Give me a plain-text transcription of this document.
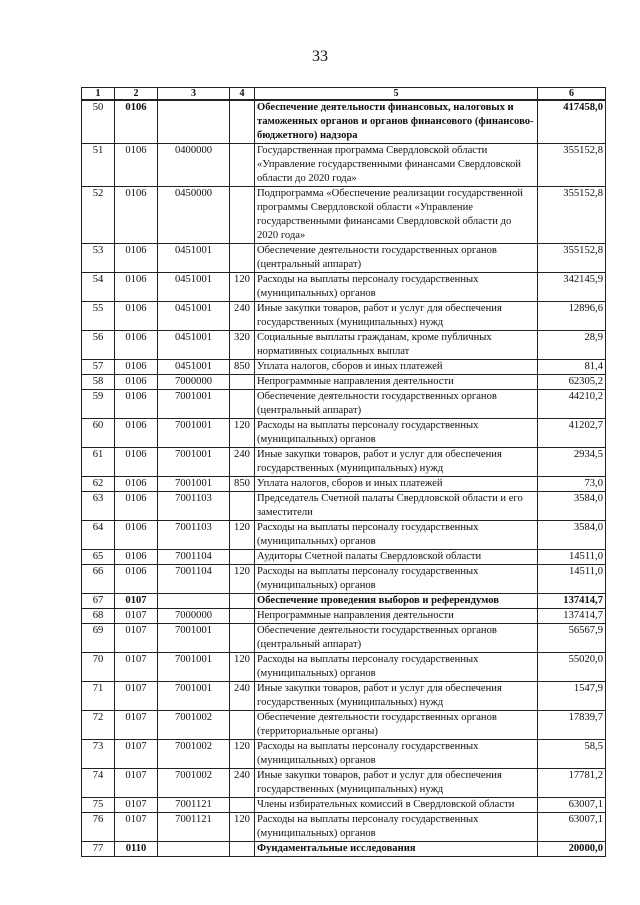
33
1	2	3	4	5	6
50	0106			Обеспечение деятельности финансовых, налоговых и таможенных органов и органов финансового (финансово-бюджетного) надзора	417458,0
51	0106	0400000		Государственная программа Свердловской области «Управление государственными финансами Свердловской области до 2020 года»	355152,8
52	0106	0450000		Подпрограмма «Обеспечение реализации государственной программы Свердловской области «Управление государственными финансами Свердловской области до 2020 года»	355152,8
53	0106	0451001		Обеспечение деятельности государственных органов (центральный аппарат)	355152,8
54	0106	0451001	120	Расходы на выплаты персоналу государственных (муниципальных) органов	342145,9
55	0106	0451001	240	Иные закупки товаров, работ и услуг для обеспечения государственных (муниципальных) нужд	12896,6
56	0106	0451001	320	Социальные выплаты гражданам, кроме публичных нормативных социальных выплат	28,9
57	0106	0451001	850	Уплата налогов, сборов и иных платежей	81,4
58	0106	7000000		Непрограммные направления деятельности	62305,2
59	0106	7001001		Обеспечение деятельности государственных органов (центральный аппарат)	44210,2
60	0106	7001001	120	Расходы на выплаты персоналу государственных (муниципальных) органов	41202,7
61	0106	7001001	240	Иные закупки товаров, работ и услуг для обеспечения государственных (муниципальных) нужд	2934,5
62	0106	7001001	850	Уплата налогов, сборов и иных платежей	73,0
63	0106	7001103		Председатель Счетной палаты Свердловской области и его заместители	3584,0
64	0106	7001103	120	Расходы на выплаты персоналу государственных (муниципальных) органов	3584,0
65	0106	7001104		Аудиторы Счетной палаты Свердловской области	14511,0
66	0106	7001104	120	Расходы на выплаты персоналу государственных (муниципальных) органов	14511,0
67	0107			Обеспечение проведения выборов и референдумов	137414,7
68	0107	7000000		Непрограммные направления деятельности	137414,7
69	0107	7001001		Обеспечение деятельности государственных органов (центральный аппарат)	56567,9
70	0107	7001001	120	Расходы на выплаты персоналу государственных (муниципальных) органов	55020,0
71	0107	7001001	240	Иные закупки товаров, работ и услуг для обеспечения государственных (муниципальных) нужд	1547,9
72	0107	7001002		Обеспечение деятельности государственных органов (территориальные органы)	17839,7
73	0107	7001002	120	Расходы на выплаты персоналу государственных (муниципальных) органов	58,5
74	0107	7001002	240	Иные закупки товаров, работ и услуг для обеспечения государственных (муниципальных) нужд	17781,2
75	0107	7001121		Члены избирательных комиссий в Свердловской области	63007,1
76	0107	7001121	120	Расходы на выплаты персоналу государственных (муниципальных) органов	63007,1
77	0110			Фундаментальные исследования	20000,0
